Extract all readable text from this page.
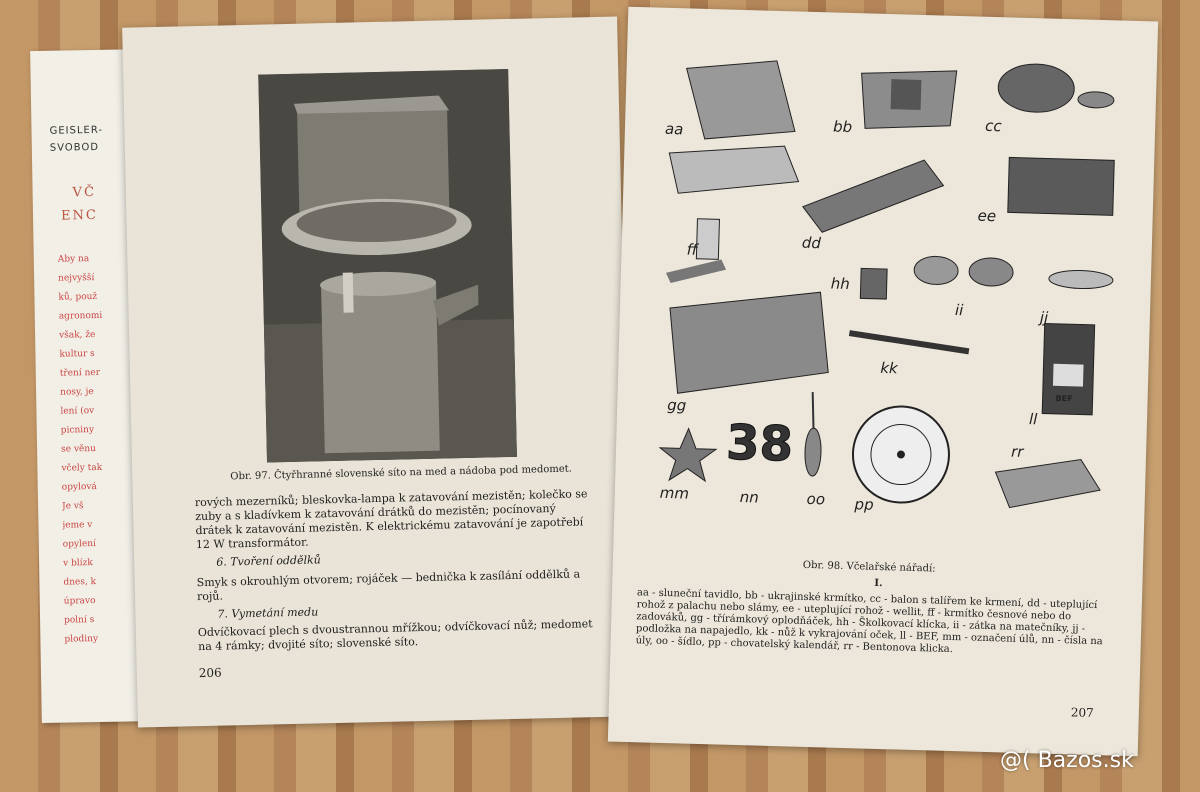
GEISLER-
SVOBOD
VČ
ENC
Aby na
nejvyšší
ků, použ
agronomi
však, že
kultur s
tření ner
nosy, je
lení (ov
picniny
se věnu
včely tak
opylová
Je vš
jeme v
opylení
v blízk
dnes, k
úpravo
polní s
plodiny
Obr. 97. Čtyřhranné slovenské síto na med a nádoba pod medomet.
rových mezerníků; bleskovka-lampa k zatavování mezistěn; kolečko se zuby a s kladívkem k zatavování drátků do mezistěn; pocínovaný drátek k zatavování mezistěn. K elektrickému zatavování je zapotřebí 12 W transformátor.
6. Tvoření oddělků
Smyk s okrouhlým otvorem; rojáček — bednička k zasílání oddělků a rojů.
7. Vymetání medu
Odvíčkovací plech s dvoustrannou mřížkou; odvíčkovací nůž; medomet na 4 rámky; dvojité síto; slovenské síto.
206
aa	bb	cc
dd
ee
ff
gg
hh
ii	jj
kk
ll
mm	nn	oo pp
rr
38
BEF
Obr. 98. Včelařské nářadí:
I.
aa - sluneční tavidlo, bb - ukrajinské krmítko, cc - balon s talířem ke krmení, dd - uteplující rohož z palachu nebo slámy, ee - uteplující rohož - wellit, ff - krmítko česnové nebo do zadováků, gg - třírámkový oplodňáček, hh - Školkovací klícka, ii - zátka na matečníky, jj - podložka na napajedlo, kk - nůž k vykrajování oček, ll - BEF, mm - označení úlů, nn - čísla na úly, oo - šídlo, pp - chovatelský kalendář, rr - Bentonova klicka.
207
@( Bazos.sk
